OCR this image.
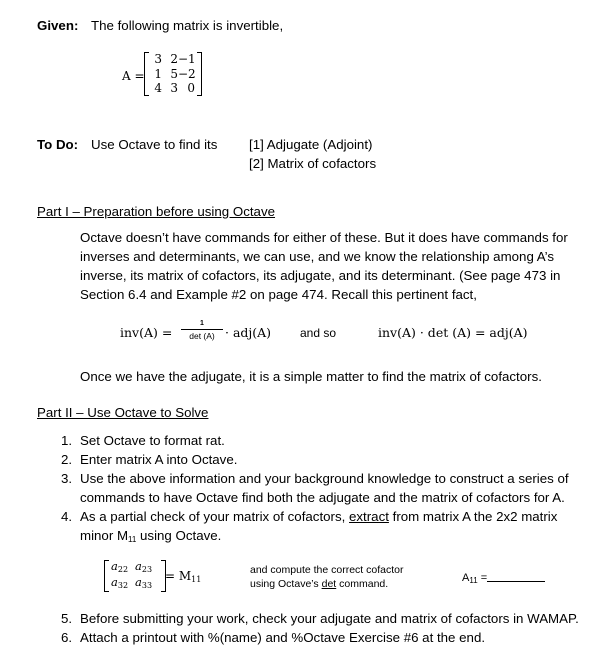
Given: The following matrix is invertible,
A =
3 2 −1
1 5 −2
4 3 0
To Do: Use Octave to find its [1] Adjugate (Adjoint)
[2] Matrix of cofactors
Part I – Preparation before using Octave
Octave doesn’t have commands for either of these. But it does have commands for
inverses and determinants, we can use, and we know the relationship among A’s
inverse, its matrix of cofactors, its adjugate, and its determinant. (See page 473 in
Section 6.4 and Example #2 on page 474. Recall this pertinent fact,
inv(A) =
1
det (A) · adj(A) and so	inv(A) · det (A) = adj(A)
Once we have the adjugate, it is a simple matter to find the matrix of cofactors.
Part II – Use Octave to Solve
1. Set Octave to format rat.
2. Enter matrix A into Octave.
3. Use the above information and your background knowledge to construct a series of
commands to have Octave find both the adjugate and the matrix of cofactors for A.
4. As a partial check of your matrix of cofactors, extract from matrix A the 2x2 matrix
minor $M_{11}$ using Octave.
$a_{22}$ $a_{23}$
$a_{32}$ $a_{33}$
= $M_{11}$
and compute the correct cofactor
using Octave’s det command.	$A_{11}$ =
5. Before submitting your work, check your adjugate and matrix of cofactors in WAMAP.
6. Attach a printout with %(name) and %Octave Exercise #6 at the end.
